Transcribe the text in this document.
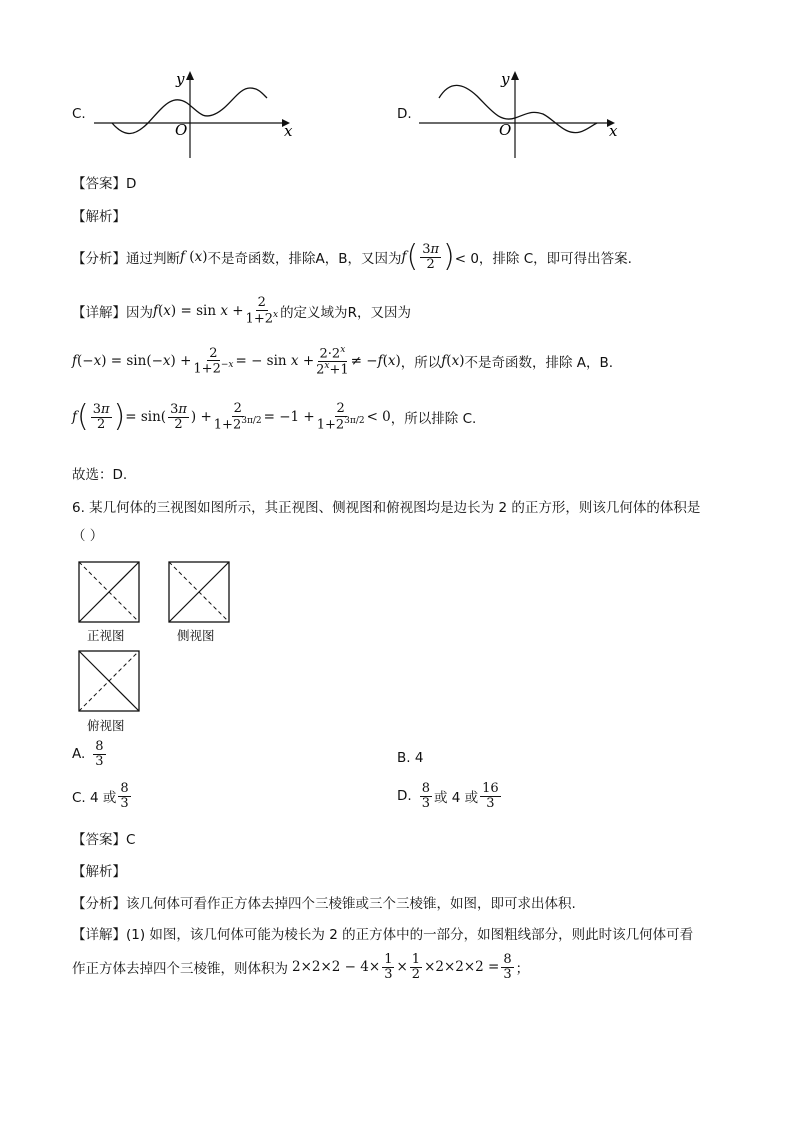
C.
O
y
x
D.
O
y
x
【答案】D
【解析】
【分析】 通过判断 f (x) 不是奇函数，排除 A，B，又因为 f ( $\frac{3\pi}{2}$ ) < 0，排除 C，即可得出答案.
【详解】 因为 $f(x) = \sin x + \frac{2}{1+2^x}$ 的定义域为 R，又因为
$f(-x) = \sin(-x) + \frac{2}{1+2^{-x}}$ = − $\sin x + \frac{2\cdot 2^x}{2^x+1} \ne -f(x)$ ，所以 f(x) 不是奇函数，排除 A，B.
f ( $\frac{3\pi}{2}$ ) = $\sin( \frac{3\pi}{2}$ ) + $\frac{2}{1+2^{3\pi/2}} = -1 + \frac{2}{1+2^{3\pi/2}} < 0$ ，所以排除 C.
故选：D.
6. 某几何体的三视图如图所示，其正视图、侧视图和俯视图均是边长为 2 的正方形，则该几何体的体积是
（ ）
正视图	侧视图
俯视图
A. $\frac{8}{3}$	B. 4
C. 4 或 $\frac{8}{3}$	D. $\frac{8}{3}$ 或 4 或 $\frac{16}{3}$
【答案】C
【解析】
【分析】该几何体可看作正方体去掉四个三棱锥或三个三棱锥，如图，即可求出体积.
【详解】(1) 如图，该几何体可能为棱长为 2 的正方体中的一部分，如图粗线部分，则此时该几何体可看
作正方体去掉四个三棱锥，则体积为 $2\times 2\times 2 - 4\times \frac{1}{3} \times \frac{1}{2} \times 2\times 2\times 2 = \frac{8}{3}$ ；
